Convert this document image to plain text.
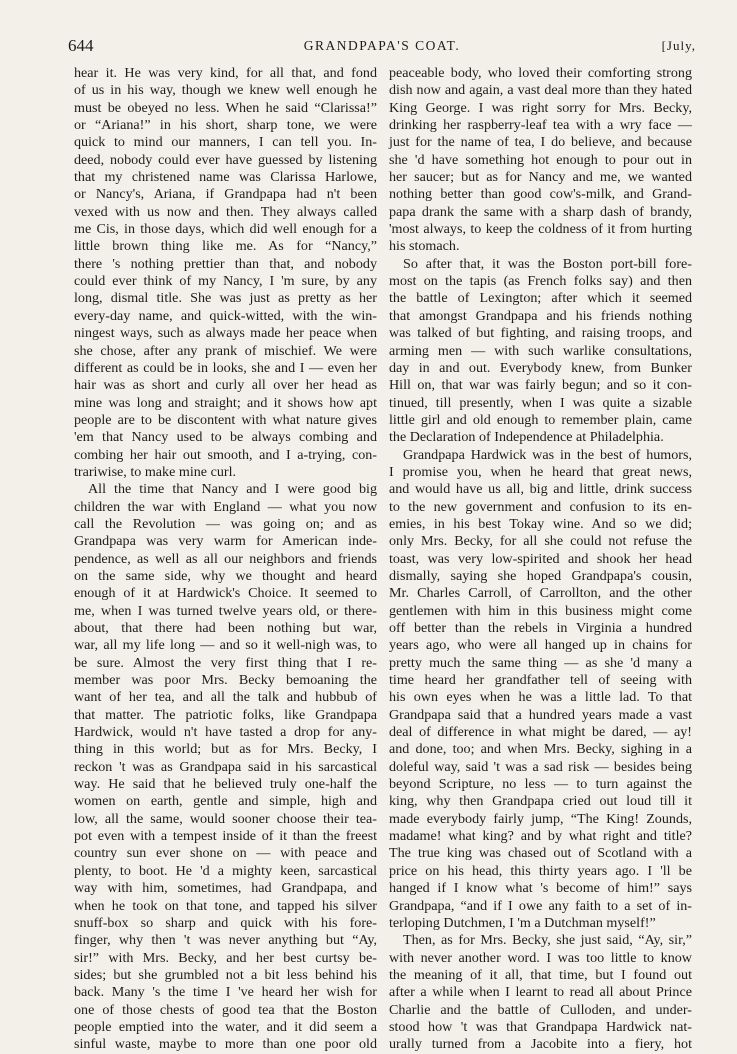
644	GRANDPAPA'S COAT.	[July,
hear it. He was very kind, for all that, and fond
of us in his way, though we knew well enough he
must be obeyed no less. When he said “Clarissa!”
or “Ariana!” in his short, sharp tone, we were
quick to mind our manners, I can tell you. In-
deed, nobody could ever have guessed by listening
that my christened name was Clarissa Harlowe,
or Nancy's, Ariana, if Grandpapa had n't been
vexed with us now and then. They always called
me Cis, in those days, which did well enough for a
little brown thing like me. As for “Nancy,”
there 's nothing prettier than that, and nobody
could ever think of my Nancy, I 'm sure, by any
long, dismal title. She was just as pretty as her
every-day name, and quick-witted, with the win-
ningest ways, such as always made her peace when
she chose, after any prank of mischief. We were
different as could be in looks, she and I — even her
hair was as short and curly all over her head as
mine was long and straight; and it shows how apt
people are to be discontent with what nature gives
'em that Nancy used to be always combing and
combing her hair out smooth, and I a-trying, con-
trariwise, to make mine curl.
All the time that Nancy and I were good big
children the war with England — what you now
call the Revolution — was going on; and as
Grandpapa was very warm for American inde-
pendence, as well as all our neighbors and friends
on the same side, why we thought and heard
enough of it at Hardwick's Choice. It seemed to
me, when I was turned twelve years old, or there-
about, that there had been nothing but war,
war, all my life long — and so it well-nigh was, to
be sure. Almost the very first thing that I re-
member was poor Mrs. Becky bemoaning the
want of her tea, and all the talk and hubbub of
that matter. The patriotic folks, like Grandpapa
Hardwick, would n't have tasted a drop for any-
thing in this world; but as for Mrs. Becky, I
reckon 't was as Grandpapa said in his sarcastical
way. He said that he believed truly one-half the
women on earth, gentle and simple, high and
low, all the same, would sooner choose their tea-
pot even with a tempest inside of it than the freest
country sun ever shone on — with peace and
plenty, to boot. He 'd a mighty keen, sarcastical
way with him, sometimes, had Grandpapa, and
when he took on that tone, and tapped his silver
snuff-box so sharp and quick with his fore-
finger, why then 't was never anything but “Ay,
sir!” with Mrs. Becky, and her best curtsy be-
sides; but she grumbled not a bit less behind his
back. Many 's the time I 've heard her wish for
one of those chests of good tea that the Boston
people emptied into the water, and it did seem a
sinful waste, maybe to more than one poor old
peaceable body, who loved their comforting strong
dish now and again, a vast deal more than they hated
King George. I was right sorry for Mrs. Becky,
drinking her raspberry-leaf tea with a wry face —
just for the name of tea, I do believe, and because
she 'd have something hot enough to pour out in
her saucer; but as for Nancy and me, we wanted
nothing better than good cow's-milk, and Grand-
papa drank the same with a sharp dash of brandy,
'most always, to keep the coldness of it from hurting
his stomach.
So after that, it was the Boston port-bill fore-
most on the tapis (as French folks say) and then
the battle of Lexington; after which it seemed
that amongst Grandpapa and his friends nothing
was talked of but fighting, and raising troops, and
arming men — with such warlike consultations,
day in and out. Everybody knew, from Bunker
Hill on, that war was fairly begun; and so it con-
tinued, till presently, when I was quite a sizable
little girl and old enough to remember plain, came
the Declaration of Independence at Philadelphia.
Grandpapa Hardwick was in the best of humors,
I promise you, when he heard that great news,
and would have us all, big and little, drink success
to the new government and confusion to its en-
emies, in his best Tokay wine. And so we did;
only Mrs. Becky, for all she could not refuse the
toast, was very low-spirited and shook her head
dismally, saying she hoped Grandpapa's cousin,
Mr. Charles Carroll, of Carrollton, and the other
gentlemen with him in this business might come
off better than the rebels in Virginia a hundred
years ago, who were all hanged up in chains for
pretty much the same thing — as she 'd many a
time heard her grandfather tell of seeing with
his own eyes when he was a little lad. To that
Grandpapa said that a hundred years made a vast
deal of difference in what might be dared, — ay!
and done, too; and when Mrs. Becky, sighing in a
doleful way, said 't was a sad risk — besides being
beyond Scripture, no less — to turn against the
king, why then Grandpapa cried out loud till it
made everybody fairly jump, “The King! Zounds,
madame! what king? and by what right and title?
The true king was chased out of Scotland with a
price on his head, this thirty years ago. I 'll be
hanged if I know what 's become of him!” says
Grandpapa, “and if I owe any faith to a set of in-
terloping Dutchmen, I 'm a Dutchman myself!”
Then, as for Mrs. Becky, she just said, “Ay, sir,”
with never another word. I was too little to know
the meaning of it all, that time, but I found out
after a while when I learnt to read all about Prince
Charlie and the battle of Culloden, and under-
stood how 't was that Grandpapa Hardwick nat-
urally turned from a Jacobite into a fiery, hot
